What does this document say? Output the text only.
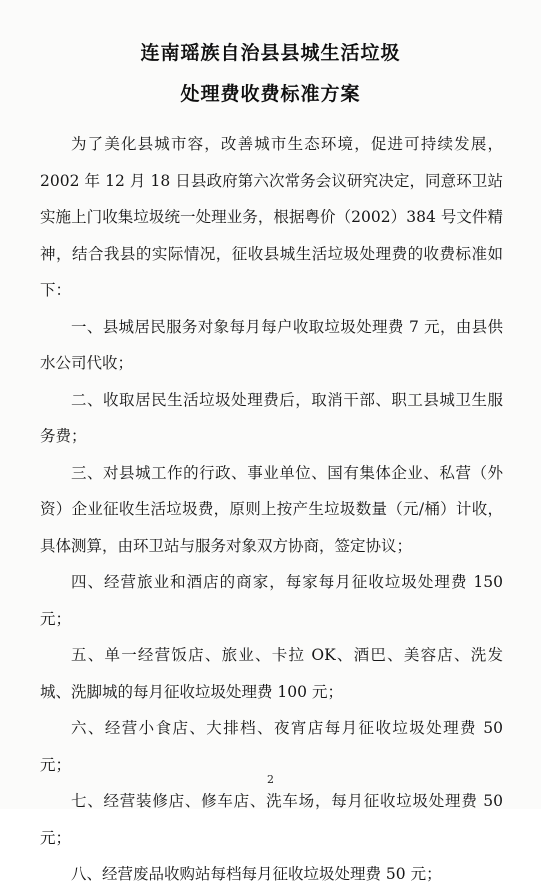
连南瑶族自治县县城生活垃圾
处理费收费标准方案

为了美化县城市容，改善城市生态环境，促进可持续发展，2002 年 12 月 18 日县政府第六次常务会议研究决定，同意环卫站实施上门收集垃圾统一处理业务，根据粤价（2002）384 号文件精神，结合我县的实际情况，征收县城生活垃圾处理费的收费标准如下：

一、县城居民服务对象每月每户收取垃圾处理费 7 元，由县供水公司代收；

二、收取居民生活垃圾处理费后，取消干部、职工县城卫生服务费；

三、对县城工作的行政、事业单位、国有集体企业、私营（外资）企业征收生活垃圾费，原则上按产生垃圾数量（元/桶）计收，具体测算，由环卫站与服务对象双方协商，签定协议；

四、经营旅业和酒店的商家，每家每月征收垃圾处理费 150 元；

五、单一经营饭店、旅业、卡拉 OK、酒巴、美容店、洗发城、洗脚城的每月征收垃圾处理费 100 元；

六、经营小食店、大排档、夜宵店每月征收垃圾处理费 50 元；

七、经营装修店、修车店、洗车场，每月征收垃圾处理费 50 元；

八、经营废品收购站每档每月征收垃圾处理费 50 元；

2
